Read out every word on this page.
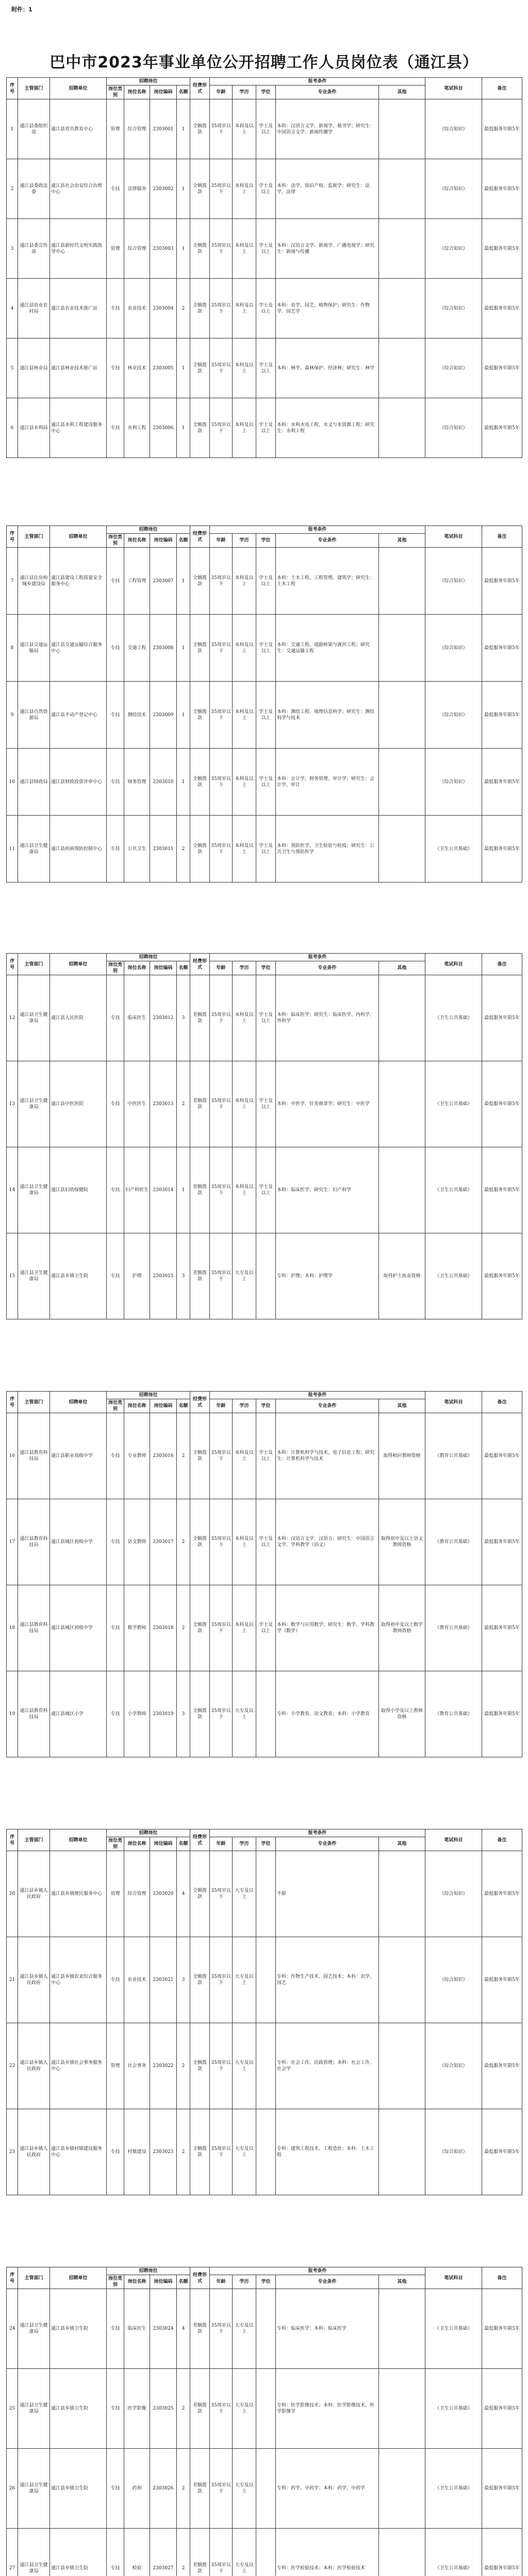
附件：1
巴中市2023年事业单位公开招聘工作人员岗位表（通江县）
序号	主管部门	招聘单位	招聘岗位				经费形式	报考条件					笔试科目	备注
			岗位类别	岗位名称	岗位编码	名额		年龄	学历	学位	专业条件	其他		
1	通江县委组织部	通江县党员教育中心	管理	综合管理	2303001	1	全额拨款	35周岁以下	本科及以上	学士及以上	本科：汉语言文学、新闻学、秘书学；研究生：中国语言文学、新闻传播学		《综合知识》	最低服务年限5年
2	通江县委政法委	通江县社会治安综合治理中心	专技	法律服务	2303002	1	全额拨款	35周岁以下	本科及以上	学士及以上	本科：法学、知识产权、监狱学；研究生：法学、法律		《综合知识》	最低服务年限5年
3	通江县委宣传部	通江县新时代文明实践指导中心	管理	综合管理	2303003	1	全额拨款	35周岁以下	本科及以上	学士及以上	本科：汉语言文学、新闻学、广播电视学；研究生：新闻与传播		《综合知识》	最低服务年限5年
4	通江县农业农村局	通江县农业技术推广站	专技	农业技术	2303004	2	全额拨款	35周岁以下	本科及以上	学士及以上	本科：农学、园艺、植物保护；研究生：作物学、园艺学		《综合知识》	最低服务年限5年
5	通江县林业局	通江县林业技术推广站	专技	林业技术	2303005	1	全额拨款	35周岁以下	本科及以上	学士及以上	本科：林学、森林保护、经济林；研究生：林学		《综合知识》	最低服务年限5年
6	通江县水利局	通江县水利工程建设服务中心	专技	水利工程	2303006	1	全额拨款	35周岁以下	本科及以上	学士及以上	本科：水利水电工程、水文与水资源工程；研究生：水利工程		《综合知识》	最低服务年限5年
序号	主管部门	招聘单位	招聘岗位				经费形式	报考条件					笔试科目	备注
			岗位类别	岗位名称	岗位编码	名额		年龄	学历	学位	专业条件	其他		
7	通江县住房和城乡建设局	通江县建设工程质量安全服务中心	专技	工程管理	2303007	1	全额拨款	35周岁以下	本科及以上	学士及以上	本科：土木工程、工程管理、建筑学；研究生：土木工程		《综合知识》	最低服务年限5年
8	通江县交通运输局	通江县交通运输综合服务中心	专技	交通工程	2303008	1	全额拨款	35周岁以下	本科及以上	学士及以上	本科：交通工程、道路桥梁与渡河工程；研究生：交通运输工程		《综合知识》	最低服务年限5年
9	通江县自然资源局	通江县不动产登记中心	专技	测绘技术	2303009	1	全额拨款	35周岁以下	本科及以上	学士及以上	本科：测绘工程、地理信息科学；研究生：测绘科学与技术		《综合知识》	最低服务年限5年
10	通江县财政局	通江县财政投资评审中心	专技	财务管理	2303010	1	全额拨款	35周岁以下	本科及以上	学士及以上	本科：会计学、财务管理、审计学；研究生：会计学、审计		《综合知识》	最低服务年限5年
11	通江县卫生健康局	通江县疾病预防控制中心	专技	公共卫生	2303011	2	全额拨款	35周岁以下	本科及以上	学士及以上	本科：预防医学、卫生检验与检疫；研究生：公共卫生与预防医学		《卫生公共基础》	最低服务年限5年
序号	主管部门	招聘单位	招聘岗位				经费形式	报考条件					笔试科目	备注
			岗位类别	岗位名称	岗位编码	名额		年龄	学历	学位	专业条件	其他		
12	通江县卫生健康局	通江县人民医院	专技	临床医生	2303012	3	差额拨款	35周岁以下	本科及以上	学士及以上	本科：临床医学；研究生：临床医学、内科学、外科学		《卫生公共基础》	最低服务年限5年
13	通江县卫生健康局	通江县中医医院	专技	中医医生	2303013	2	差额拨款	35周岁以下	本科及以上	学士及以上	本科：中医学、针灸推拿学；研究生：中医学		《卫生公共基础》	最低服务年限5年
14	通江县卫生健康局	通江县妇幼保健院	专技	妇产科医生	2303014	1	差额拨款	35周岁以下	本科及以上	学士及以上	本科：临床医学；研究生：妇产科学		《卫生公共基础》	最低服务年限5年
15	通江县卫生健康局	通江县乡镇卫生院	专技	护理	2303015	3	差额拨款	35周岁以下	大专及以上		专科：护理；本科：护理学	取得护士执业资格	《卫生公共基础》	最低服务年限5年
序号	主管部门	招聘单位	招聘岗位				经费形式	报考条件					笔试科目	备注
			岗位类别	岗位名称	岗位编码	名额		年龄	学历	学位	专业条件	其他		
16	通江县教育科技局	通江县职业高级中学	专技	专业教师	2303016	2	全额拨款	35周岁以下	本科及以上	学士及以上	本科：计算机科学与技术、电子信息工程；研究生：计算机科学与技术	取得相应教师资格	《教育公共基础》	最低服务年限5年
17	通江县教育科技局	通江县城区初级中学	专技	语文教师	2303017	2	全额拨款	35周岁以下	本科及以上	学士及以上	本科：汉语言文学、汉语言；研究生：中国语言文学、学科教学（语文）	取得初中及以上语文教师资格	《教育公共基础》	最低服务年限5年
18	通江县教育科技局	通江县城区初级中学	专技	数学教师	2303018	2	全额拨款	35周岁以下	本科及以上	学士及以上	本科：数学与应用数学；研究生：数学、学科教学（数学）	取得初中及以上数学教师资格	《教育公共基础》	最低服务年限5年
19	通江县教育科技局	通江县城区小学	专技	小学教师	2303019	3	全额拨款	35周岁以下	大专及以上		专科：小学教育、语文教育；本科：小学教育	取得小学及以上教师资格	《教育公共基础》	最低服务年限5年
序号	主管部门	招聘单位	招聘岗位				经费形式	报考条件					笔试科目	备注
			岗位类别	岗位名称	岗位编码	名额		年龄	学历	学位	专业条件	其他		
20	通江县乡镇人民政府	通江县乡镇便民服务中心	管理	综合管理	2303020	4	全额拨款	35周岁以下	大专及以上		不限		《综合知识》	最低服务年限5年
21	通江县乡镇人民政府	通江县乡镇农业综合服务中心	专技	农业技术	2303021	3	全额拨款	35周岁以下	大专及以上		专科：作物生产技术、园艺技术；本科：农学、园艺		《综合知识》	最低服务年限5年
22	通江县乡镇人民政府	通江县乡镇社会事务服务中心	管理	社会事务	2303022	2	全额拨款	35周岁以下	大专及以上		专科：社会工作、民政管理；本科：社会工作、社会学		《综合知识》	最低服务年限5年
23	通江县乡镇人民政府	通江县乡镇村镇建设服务中心	专技	村镇建设	2303023	2	全额拨款	35周岁以下	大专及以上		专科：建筑工程技术、工程造价；本科：土木工程		《综合知识》	最低服务年限5年
序号	主管部门	招聘单位	招聘岗位				经费形式	报考条件					笔试科目	备注
			岗位类别	岗位名称	岗位编码	名额		年龄	学历	学位	专业条件	其他		
24	通江县卫生健康局	通江县乡镇卫生院	专技	临床医生	2303024	4	差额拨款	35周岁以下	大专及以上		专科：临床医学；本科：临床医学		《卫生公共基础》	最低服务年限5年
25	通江县卫生健康局	通江县乡镇卫生院	专技	医学影像	2303025	2	差额拨款	35周岁以下	大专及以上		专科：医学影像技术；本科：医学影像技术、医学影像学		《卫生公共基础》	最低服务年限5年
26	通江县卫生健康局	通江县乡镇卫生院	专技	药剂	2303026	2	差额拨款	35周岁以下	大专及以上		专科：药学、中药学；本科：药学、中药学		《卫生公共基础》	最低服务年限5年
27	通江县卫生健康局	通江县乡镇卫生院	专技	检验	2303027	2	差额拨款	35周岁以下	大专及以上		专科：医学检验技术；本科：医学检验技术		《卫生公共基础》	最低服务年限5年
